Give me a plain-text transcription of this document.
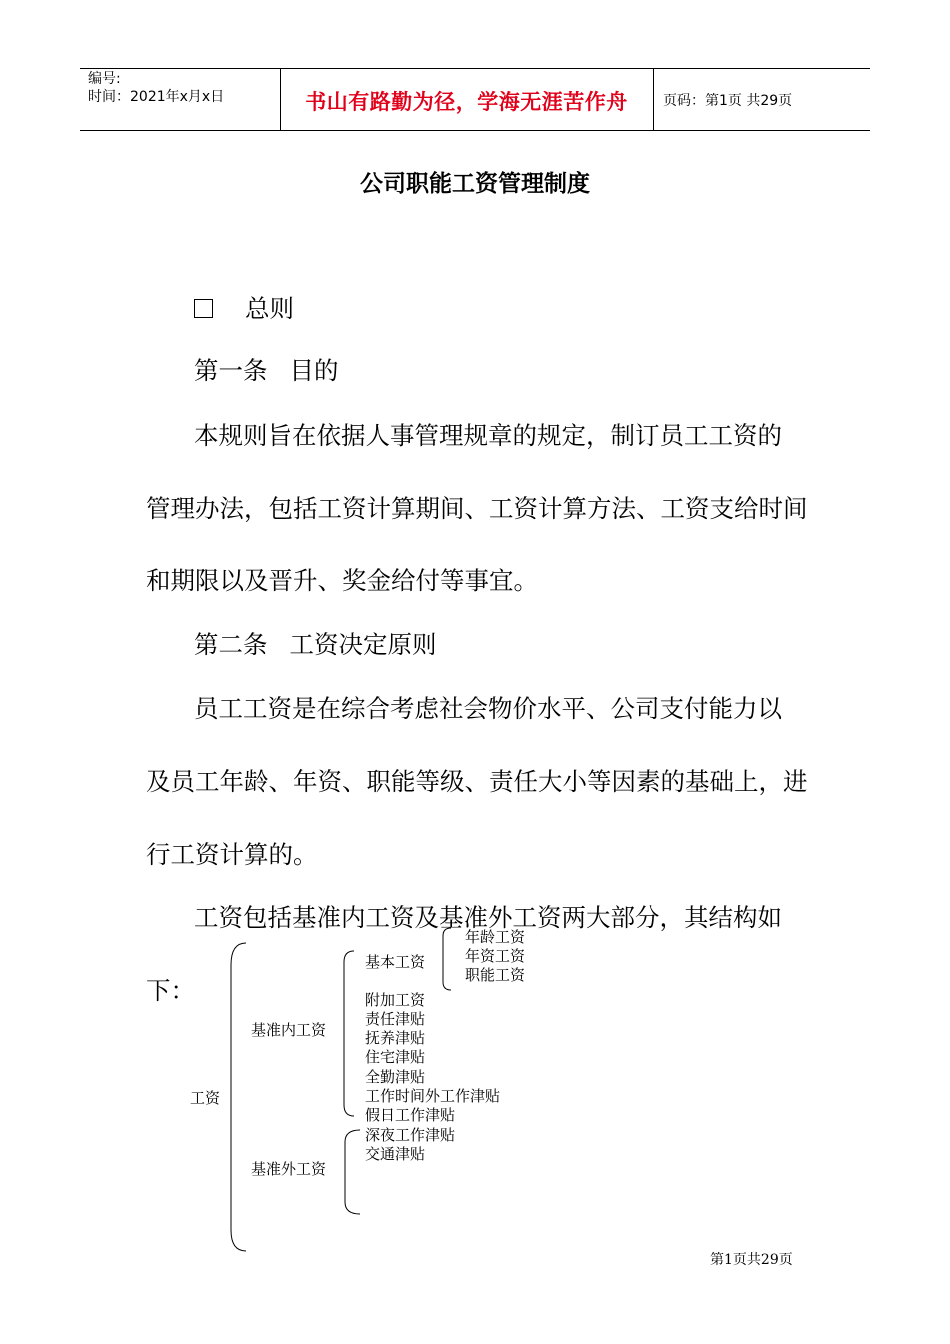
编号:
时间：2021年x月x日	书山有路勤为径，学海无涯苦作舟	页码：第1页 共29页
公司职能工资管理制度
总则
第一条 目的
本规则旨在依据人事管理规章的规定，制订员工工资的
管理办法，包括工资计算期间、工资计算方法、工资支给时间
和期限以及晋升、奖金给付等事宜。
第二条 工资决定原则
员工工资是在综合考虑社会物价水平、公司支付能力以
及员工年龄、年资、职能等级、责任大小等因素的基础上，进
行工资计算的。
工资包括基准内工资及基准外工资两大部分，其结构如
下：
工资
基准内工资
基准外工资
基本工资
年龄工资
年资工资
职能工资
附加工资
责任津贴
抚养津贴
住宅津贴
全勤津贴
工作时间外工作津贴
假日工作津贴
深夜工作津贴
交通津贴
第1页共29页
